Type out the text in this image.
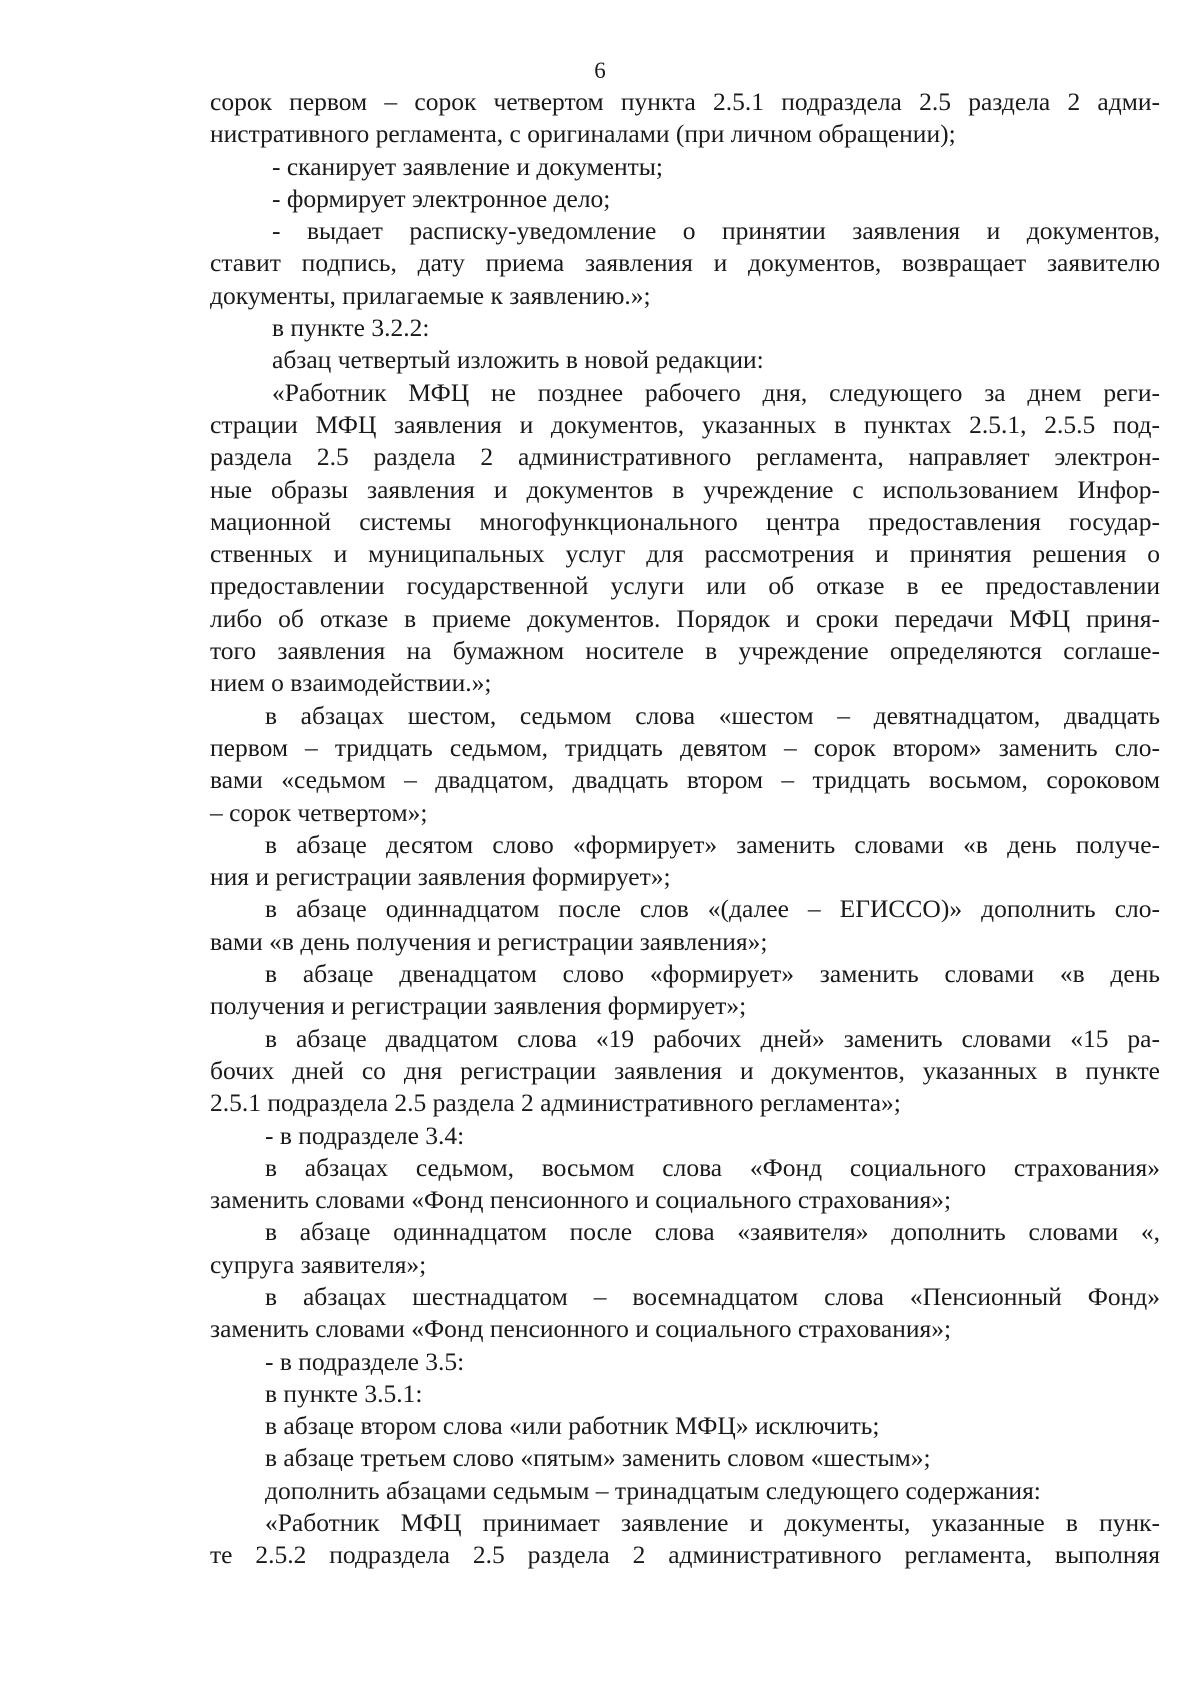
6
сорок первом – сорок четвертом пункта 2.5.1 подраздела 2.5 раздела 2 адми-
нистративного регламента, с оригиналами (при личном обращении);
- сканирует заявление и документы;
- формирует электронное дело;
- выдает расписку-уведомление о принятии заявления и документов,
ставит подпись, дату приема заявления и документов, возвращает заявителю
документы, прилагаемые к заявлению.»;
в пункте 3.2.2:
абзац четвертый изложить в новой редакции:
«Работник МФЦ не позднее рабочего дня, следующего за днем реги-
страции МФЦ заявления и документов, указанных в пунктах 2.5.1, 2.5.5 под-
раздела 2.5 раздела 2 административного регламента, направляет электрон-
ные образы заявления и документов в учреждение с использованием Инфор-
мационной системы многофункционального центра предоставления государ-
ственных и муниципальных услуг для рассмотрения и принятия решения о
предоставлении государственной услуги или об отказе в ее предоставлении
либо об отказе в приеме документов. Порядок и сроки передачи МФЦ приня-
того заявления на бумажном носителе в учреждение определяются соглаше-
нием о взаимодействии.»;
в абзацах шестом, седьмом слова «шестом – девятнадцатом, двадцать
первом – тридцать седьмом, тридцать девятом – сорок втором» заменить сло-
вами «седьмом – двадцатом, двадцать втором – тридцать восьмом, сороковом
– сорок четвертом»;
в абзаце десятом слово «формирует» заменить словами «в день получе-
ния и регистрации заявления формирует»;
в абзаце одиннадцатом после слов «(далее – ЕГИССО)» дополнить сло-
вами «в день получения и регистрации заявления»;
в абзаце двенадцатом слово «формирует» заменить словами «в день
получения и регистрации заявления формирует»;
в абзаце двадцатом слова «19 рабочих дней» заменить словами «15 ра-
бочих дней со дня регистрации заявления и документов, указанных в пункте
2.5.1 подраздела 2.5 раздела 2 административного регламента»;
- в подразделе 3.4:
в абзацах седьмом, восьмом слова «Фонд социального страхования»
заменить словами «Фонд пенсионного и социального страхования»;
в абзаце одиннадцатом после слова «заявителя» дополнить словами «,
супруга заявителя»;
в абзацах шестнадцатом – восемнадцатом слова «Пенсионный Фонд»
заменить словами «Фонд пенсионного и социального страхования»;
- в подразделе 3.5:
в пункте 3.5.1:
в абзаце втором слова «или работник МФЦ» исключить;
в абзаце третьем слово «пятым» заменить словом «шестым»;
дополнить абзацами седьмым – тринадцатым следующего содержания:
«Работник МФЦ принимает заявление и документы, указанные в пунк-
те 2.5.2 подраздела 2.5 раздела 2 административного регламента, выполняя
